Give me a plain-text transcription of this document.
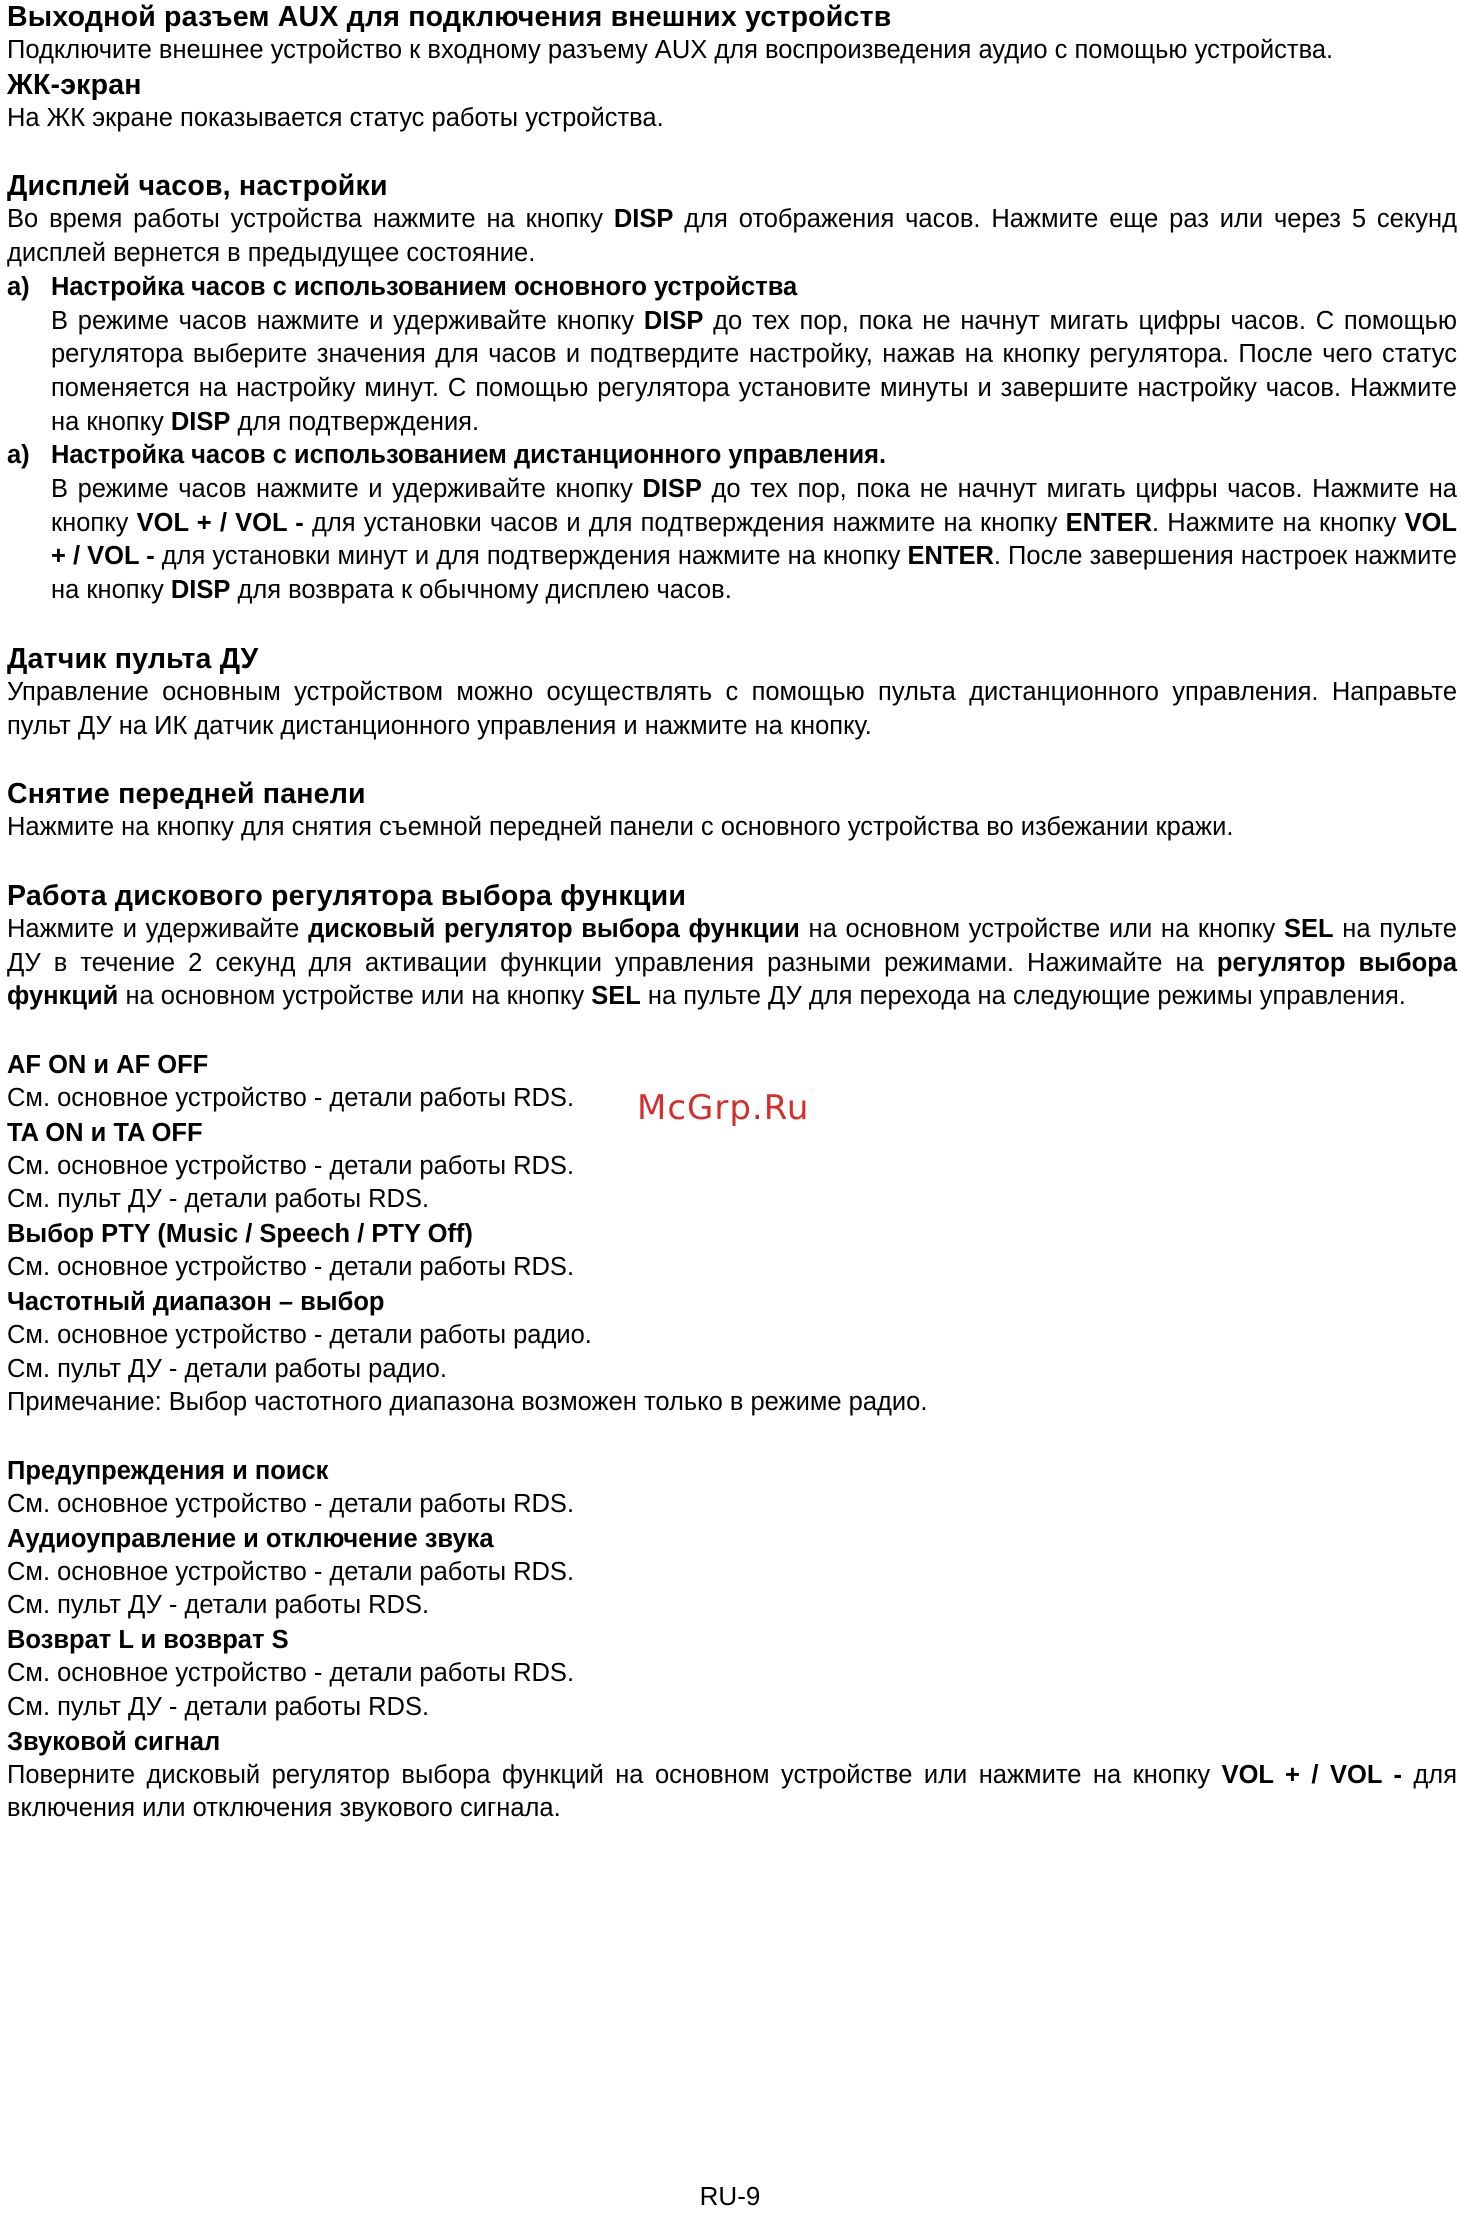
Выходной разъем AUX для подключения внешних устройств
Подключите внешнее устройство к входному разъему AUX для воспроизведения аудио с помощью устройства.
ЖК-экран
На ЖК экране показывается статус работы устройства.
Дисплей часов, настройки
Во время работы устройства нажмите на кнопку DISP для отображения часов. Нажмите еще раз или через 5 секунд дисплей вернется в предыдущее состояние.
a) Настройка часов с использованием основного устройства
В режиме часов нажмите и удерживайте кнопку DISP до тех пор, пока не начнут мигать цифры часов. С помощью регулятора выберите значения для часов и подтвердите настройку, нажав на кнопку регулятора. После чего статус поменяется на настройку минут. С помощью регулятора установите минуты и завершите настройку часов. Нажмите на кнопку DISP для подтверждения.
a) Настройка часов с использованием дистанционного управления.
В режиме часов нажмите и удерживайте кнопку DISP до тех пор, пока не начнут мигать цифры часов. Нажмите на кнопку VOL + / VOL - для установки часов и для подтверждения нажмите на кнопку ENTER. Нажмите на кнопку VOL + / VOL - для установки минут и для подтверждения нажмите на кнопку ENTER. После завершения настроек нажмите на кнопку DISP для возврата к обычному дисплею часов.
Датчик пульта ДУ
Управление основным устройством можно осуществлять с помощью пульта дистанционного управления. Направьте пульт ДУ на ИК датчик дистанционного управления и нажмите на кнопку.
Снятие передней панели
Нажмите на кнопку для снятия съемной передней панели с основного устройства во избежании кражи.
Работа дискового регулятора выбора функции
Нажмите и удерживайте дисковый регулятор выбора функции на основном устройстве или на кнопку SEL на пульте ДУ в течение 2 секунд для активации функции управления разными режимами. Нажимайте на регулятор выбора функций на основном устройстве или на кнопку SEL на пульте ДУ для перехода на следующие режимы управления.
AF ON и AF OFF
См. основное устройство - детали работы RDS.
TA ON и TA OFF
См. основное устройство - детали работы RDS.
См. пульт ДУ - детали работы RDS.
Выбор PTY (Music / Speech / PTY Off)
См. основное устройство - детали работы RDS.
Частотный диапазон – выбор
См. основное устройство - детали работы радио.
См. пульт ДУ - детали работы радио.
Примечание: Выбор частотного диапазона возможен только в режиме радио.
Предупреждения и поиск
См. основное устройство - детали работы RDS.
Аудиоуправление и отключение звука
См. основное устройство - детали работы RDS.
См. пульт ДУ - детали работы RDS.
Возврат L и возврат S
См. основное устройство - детали работы RDS.
См. пульт ДУ - детали работы RDS.
Звуковой сигнал
Поверните дисковый регулятор выбора функций на основном устройстве или нажмите на кнопку VOL + / VOL - для включения или отключения звукового сигнала.
McGrp.Ru
RU-9
